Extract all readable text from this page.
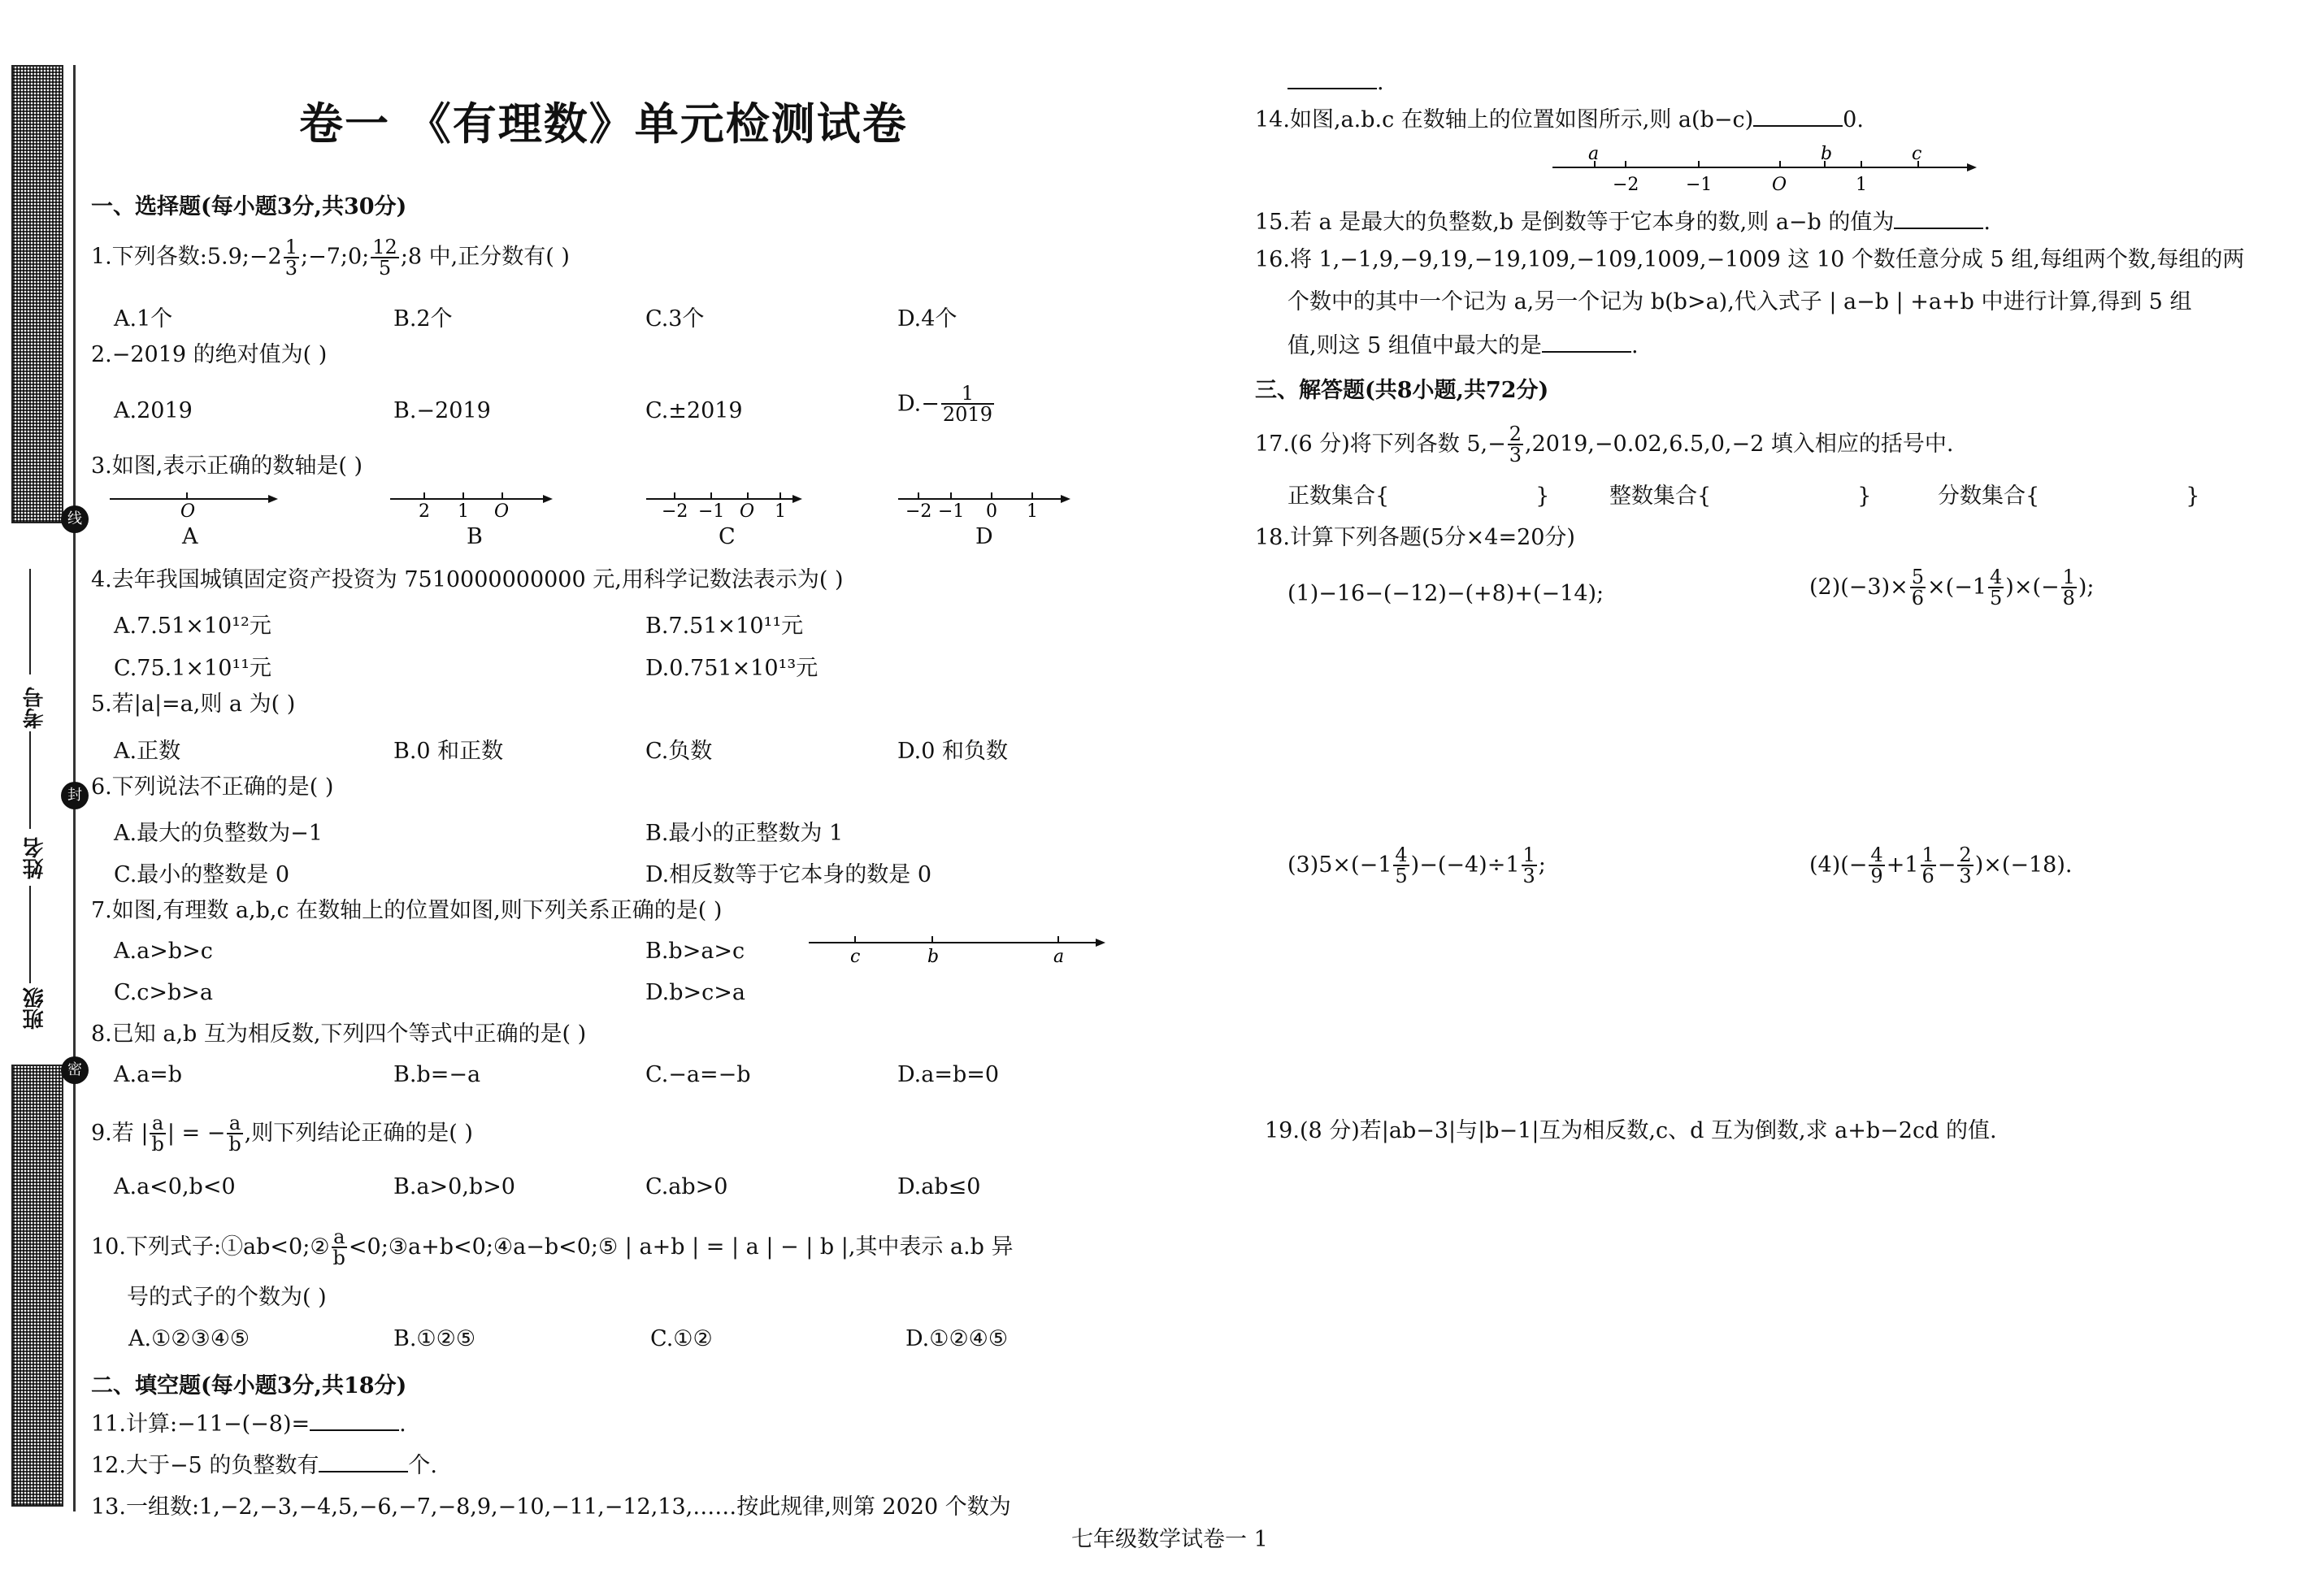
线
封
密
考号
姓名
班级
卷一 《有理数》单元检测试卷
一、选择题(每小题3分,共30分)
1.下列各数:5.9;−2 $\frac{1}{3}$ ;−7;0; $\frac{12}{5}$ ;8 中,正分数有( )
A.1个	B.2个	C.3个	D.4个
2.−2019 的绝对值为( )
A.2019	B.−2019	C.±2019	$D.- \frac{1}{2019}$
3.如图,表示正确的数轴是( )
O	2 1 O	−2 −1 O 1	−2 −1 0 1
A	B	C	D
4.去年我国城镇固定资产投资为 7510000000000 元,用科学记数法表示为( )
A.7.51×10¹²元	B.7.51×10¹¹元
C.75.1×10¹¹元	D.0.751×10¹³元
5.若|a|=a,则 a 为( )
A.正数	B.0 和正数	C.负数	D.0 和负数
6.下列说法不正确的是( )
A.最大的负整数为−1	B.最小的正整数为 1
C.最小的整数是 0	D.相反数等于它本身的数是 0
7.如图,有理数 a,b,c 在数轴上的位置如图,则下列关系正确的是( )
A.a>b>c	B.b>a>c
C.c>b>a	D.b>c>a
c	b	a
8.已知 a,b 互为相反数,下列四个等式中正确的是( )
A.a=b	B.b=−a	C.−a=−b	D.a=b=0
9.若 | $\frac{a}{b}$ | = − $\frac{a}{b}$ ,则下列结论正确的是( )
A.a<0,b<0	B.a>0,b>0	C.ab>0	D.ab≤0
10.下列式子:①ab<0;② $\frac{a}{b}$ <0;③a+b<0;④a−b<0;⑤ | a+b | = | a | − | b |,其中表示 a.b 异
号的式子的个数为( )
A.①②③④⑤	B.①②⑤	C.①②	D.①②④⑤
二、填空题(每小题3分,共18分)
11.计算:−11−(−8)=	.
12.大于−5 的负整数有	个.
13.一组数:1,−2,−3,−4,5,−6,−7,−8,9,−10,−11,−12,13,……按此规律,则第 2020 个数为
.
14.如图,a.b.c 在数轴上的位置如图所示,则 a(b−c)	0.
a	b	c
−2	−1	O	1
15.若 a 是最大的负整数,b 是倒数等于它本身的数,则 a−b 的值为	.
16.将 1,−1,9,−9,19,−19,109,−109,1009,−1009 这 10 个数任意分成 5 组,每组两个数,每组的两
个数中的其中一个记为 a,另一个记为 b(b>a),代入式子 | a−b | +a+b 中进行计算,得到 5 组
值,则这 5 组值中最大的是	.
三、解答题(共8小题,共72分)
17.(6 分)将下列各数 $5,- \frac{2}{3} ,2019,-0.02,6.5,0,-2$ 填入相应的括号中.
正数集合{	}	整数集合{	}	分数集合{	}
18.计算下列各题(5分×4=20分)
(1)−16−(−12)−(+8)+(−14);	$(2)(-3)\times \frac{5}{6} \times(-1 \frac{4}{5}$ )×(− $\frac{1}{8}$ );
$(3)5\times(-1 \frac{4}{5} )-(-4)\div 1 \frac{1}{3}$ ;	$(4)(- \frac{4}{9} +1 \frac{1}{6} - \frac{2}{3} )\times(-18)$.
19.(8 分)若|ab−3|与|b−1|互为相反数,c、d 互为倒数,求 a+b−2cd 的值.
七年级数学试卷一 1
